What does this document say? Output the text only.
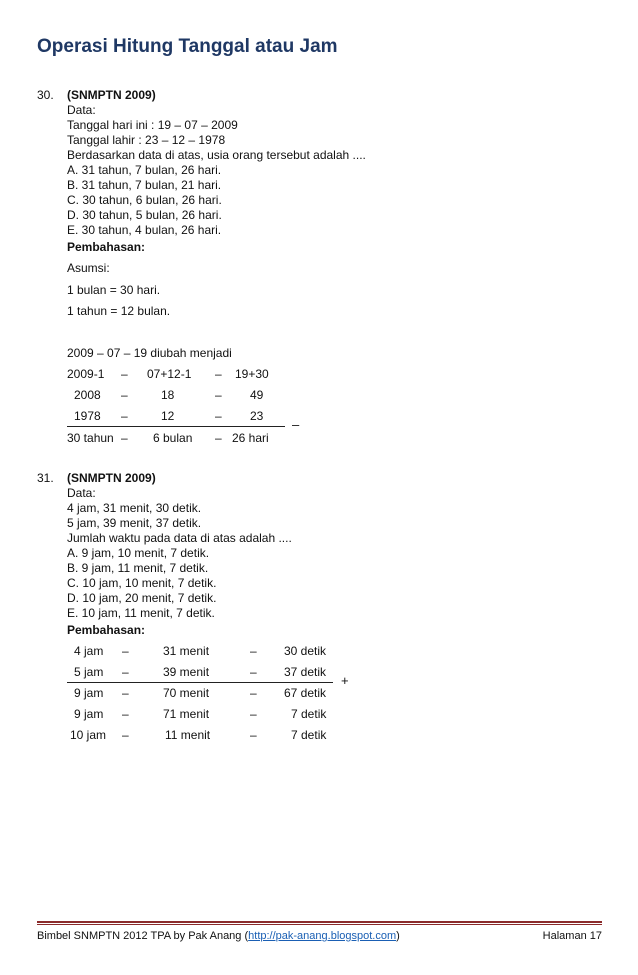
Operasi Hitung Tanggal atau Jam
30. (SNMPTN 2009)
Data:
Tanggal hari ini : 19 – 07 – 2009
Tanggal lahir : 23 – 12 – 1978
Berdasarkan data di atas, usia orang tersebut adalah ....
A. 31 tahun, 7 bulan, 26 hari.
B. 31 tahun, 7 bulan, 21 hari.
C. 30 tahun, 6 bulan, 26 hari.
D. 30 tahun, 5 bulan, 26 hari.
E. 30 tahun, 4 bulan, 26 hari.
Pembahasan:
Asumsi:
1 bulan = 30 hari.
1 tahun = 12 bulan.
2009 – 07 – 19 diubah menjadi
2009-1 – 07+12-1 – 19+30
2008 –	18	– 49
1978 –	12	– 23
–
30 tahun – 6 bulan – 26 hari
31. (SNMPTN 2009)
Data:
4 jam, 31 menit, 30 detik.
5 jam, 39 menit, 37 detik.
Jumlah waktu pada data di atas adalah ....
A. 9 jam, 10 menit, 7 detik.
B. 9 jam, 11 menit, 7 detik.
C. 10 jam, 10 menit, 7 detik.
D. 10 jam, 20 menit, 7 detik.
E. 10 jam, 11 menit, 7 detik.
Pembahasan:
4 jam –	31 menit	– 30 detik
5 jam –	39 menit	– 37 detik
+
9 jam –	70 menit	– 67 detik
9 jam –	71 menit	–	7 detik
10 jam –	11 menit	–	7 detik
Bimbel SNMPTN 2012 TPA by Pak Anang (http://pak-anang.blogspot.com)	Halaman 17
